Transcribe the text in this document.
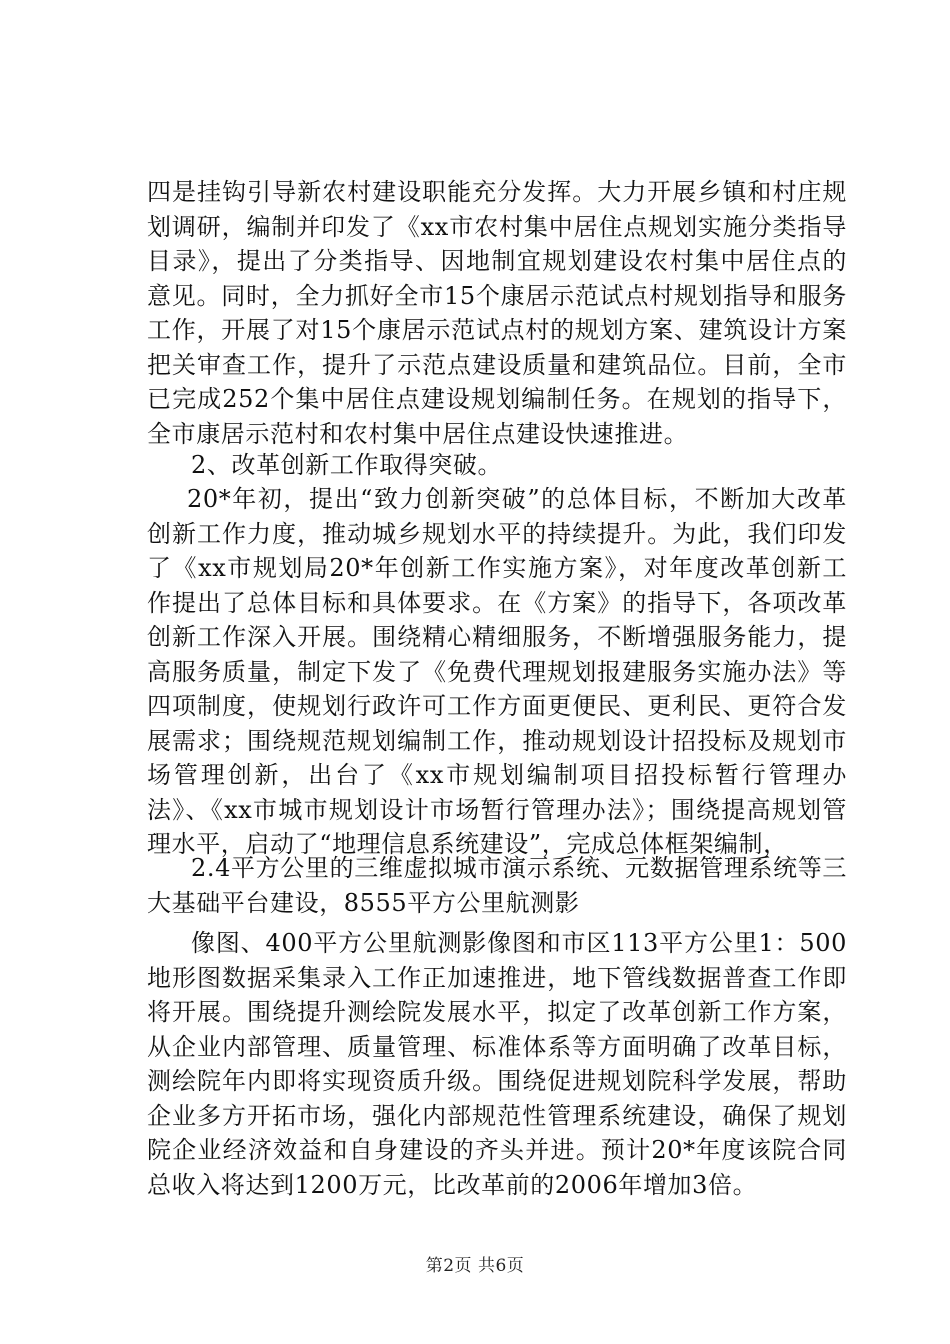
四是挂钩引导新农村建设职能充分发挥。大力开展乡镇和村庄规划调研，编制并印发了《xx市农村集中居住点规划实施分类指导目录》，提出了分类指导、因地制宜规划建设农村集中居住点的意见。同时，全力抓好全市15个康居示范试点村规划指导和服务工作，开展了对15个康居示范试点村的规划方案、建筑设计方案把关审查工作，提升了示范点建设质量和建筑品位。目前，全市已完成252个集中居住点建设规划编制任务。在规划的指导下，全市康居示范村和农村集中居住点建设快速推进。

2、改革创新工作取得突破。

20*年初，提出“致力创新突破”的总体目标，不断加大改革创新工作力度，推动城乡规划水平的持续提升。为此，我们印发了《xx市规划局20*年创新工作实施方案》，对年度改革创新工作提出了总体目标和具体要求。在《方案》的指导下，各项改革创新工作深入开展。围绕精心精细服务，不断增强服务能力，提高服务质量，制定下发了《免费代理规划报建服务实施办法》等四项制度，使规划行政许可工作方面更便民、更利民、更符合发展需求；围绕规范规划编制工作，推动规划设计招投标及规划市场管理创新，出台了《xx市规划编制项目招投标暂行管理办法》、《xx市城市规划设计市场暂行管理办法》；围绕提高规划管理水平，启动了“地理信息系统建设”，完成总体框架编制，

2.4平方公里的三维虚拟城市演示系统、元数据管理系统等三大基础平台建设，8555平方公里航测影

像图、400平方公里航测影像图和市区113平方公里1：500地形图数据采集录入工作正加速推进，地下管线数据普查工作即将开展。围绕提升测绘院发展水平，拟定了改革创新工作方案，从企业内部管理、质量管理、标准体系等方面明确了改革目标，测绘院年内即将实现资质升级。围绕促进规划院科学发展，帮助企业多方开拓市场，强化内部规范性管理系统建设，确保了规划院企业经济效益和自身建设的齐头并进。预计20*年度该院合同总收入将达到1200万元，比改革前的2006年增加3倍。

第2页 共6页
